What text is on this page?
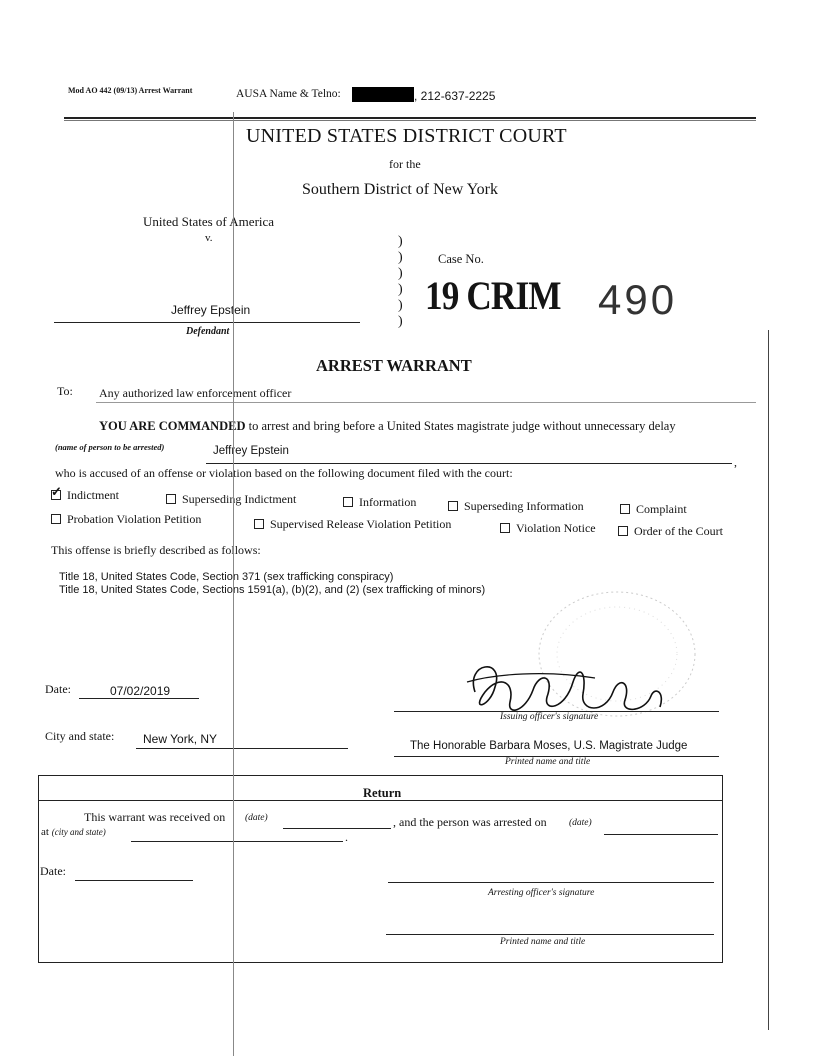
Mod AO 442 (09/13) Arrest Warrant	AUSA Name & Telno:	, 212-637-2225
UNITED STATES DISTRICT COURT
for the
Southern District of New York
United States of America
v.	)
)
)
)
)
)
Jeffrey Epstein
Defendant
Case No.
19 CRIM 490
ARREST WARRANT
To: Any authorized law enforcement officer
YOU ARE COMMANDED to arrest and bring before a United States magistrate judge without unnecessary delay
(name of person to be arrested)	Jeffrey Epstein
,
who is accused of an offense or violation based on the following document filed with the court:
✓Indictment	Superseding Indictment	Information	Superseding Information	Complaint
Probation Violation Petition	Supervised Release Violation Petition	Violation Notice	Order of the Court
This offense is briefly described as follows:
Title 18, United States Code, Section 371 (sex trafficking conspiracy)
Title 18, United States Code, Sections 1591(a), (b)(2), and (2) (sex trafficking of minors)
Date:	07/02/2019
Issuing officer's signature
City and state: New York, NY	The Honorable Barbara Moses, U.S. Magistrate Judge
Printed name and title
Return
This warrant was received on (date)	, and the person was arrested on (date)
at (city and state)	.
Date:
Arresting officer's signature
Printed name and title
